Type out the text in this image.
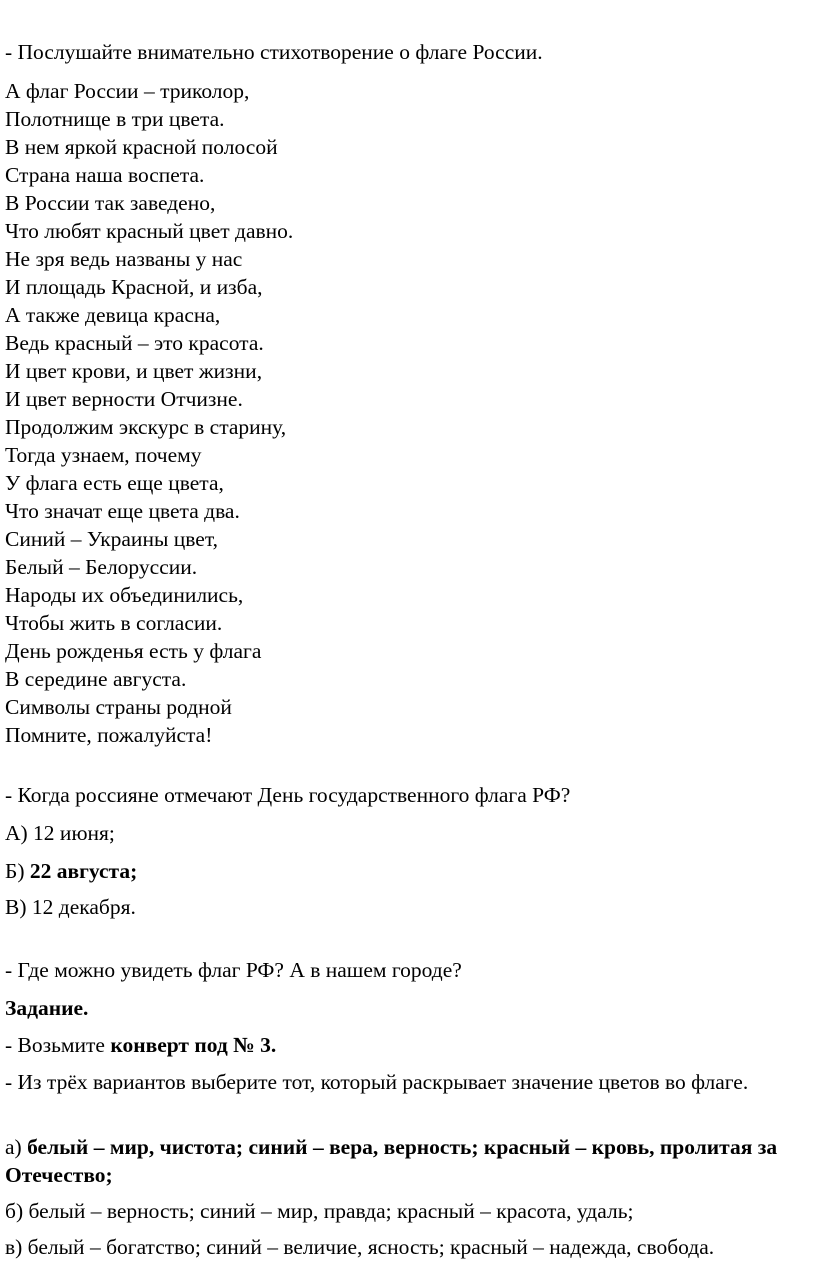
- Послушайте внимательно стихотворение о флаге России.
А флаг России – триколор,
Полотнище в три цвета.
В нем яркой красной полосой
Страна наша воспета.
В России так заведено,
Что любят красный цвет давно.
Не зря ведь названы у нас
И площадь Красной, и изба,
А также девица красна,
Ведь красный – это красота.
И цвет крови, и цвет жизни,
И цвет верности Отчизне.
Продолжим экскурс в старину,
Тогда узнаем, почему
У флага есть еще цвета,
Что значат еще цвета два.
Синий – Украины цвет,
Белый – Белоруссии.
Народы их объединились,
Чтобы жить в согласии.
День рожденья есть у флага
В середине августа.
Символы страны родной
Помните, пожалуйста!
- Когда россияне отмечают День государственного флага РФ?
А) 12 июня;
Б) 22 августа;
В) 12 декабря.
- Где можно увидеть флаг РФ? А в нашем городе?
Задание.
- Возьмите конверт под № 3.
- Из трёх вариантов выберите тот, который раскрывает значение цветов во флаге.
а) белый – мир, чистота; синий – вера, верность; красный – кровь, пролитая за Отечество;
б) белый – верность; синий – мир, правда; красный – красота, удаль;
в) белый – богатство; синий – величие, ясность; красный – надежда, свобода.
